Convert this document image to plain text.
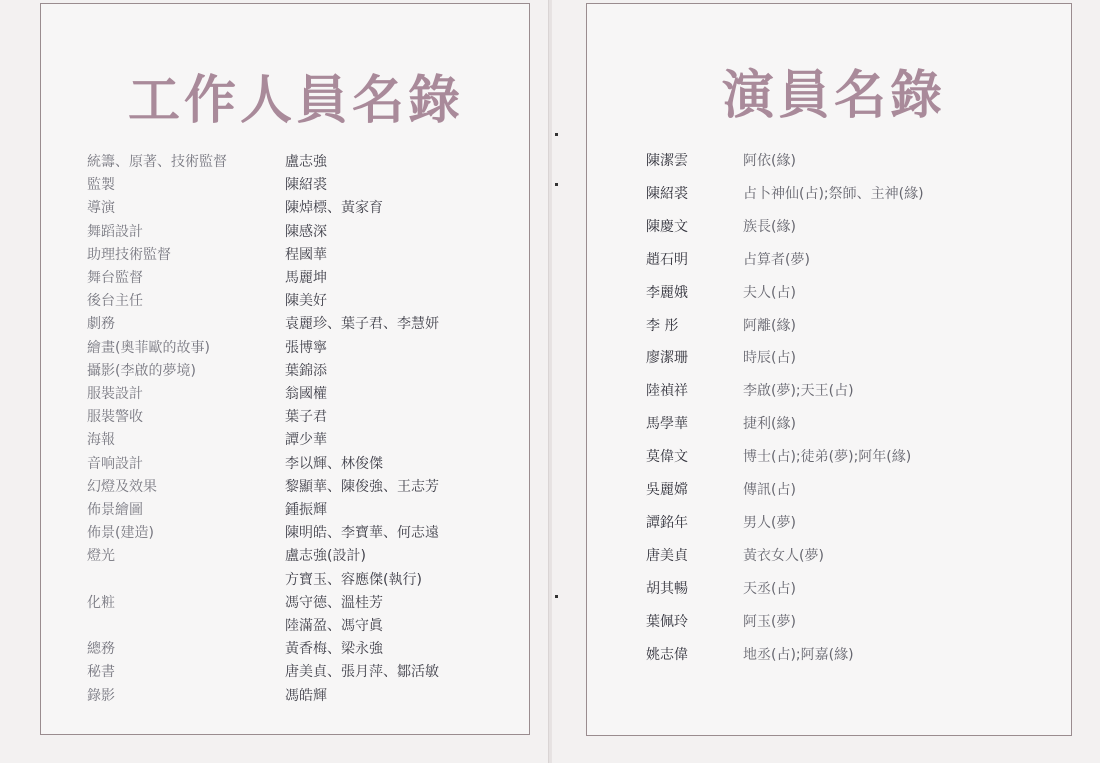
工作人員名錄	演員名錄
統籌、原著、技術監督	盧志強
監製	陳紹裘
導演	陳焯標、黃家育
舞蹈設計	陳感深
助理技術監督	程國華
舞台監督	馬麗坤
後台主任	陳美好
劇務	袁麗珍、葉子君、李慧妍
繪畫(奧菲歐的故事)	張博寧
攝影(李啟的夢境)	葉錦添
服裝設計	翁國權
服裝警收	葉子君
海報	譚少華
音响設計	李以輝、林俊傑
幻燈及效果	黎顯華、陳俊強、王志芳
佈景繪圖	鍾振輝
佈景(建造)	陳明皓、李寶華、何志遠
燈光	盧志強(設計)
方寶玉、容應傑(執行)
化粧	馮守德、溫桂芳
陸滿盈、馮守眞
總務	黃香梅、梁永強
秘書	唐美貞、張月萍、鄒活敏
錄影	馮皓輝
陳潔雲	阿依(緣)
陳紹裘	占卜神仙(占);祭師、主神(緣)
陳慶文	族長(緣)
趙石明	占算者(夢)
李麗娥	夫人(占)
李 彤	阿離(緣)
廖潔珊	時辰(占)
陸禎祥	李啟(夢);天王(占)
馬學華	捷利(緣)
莫偉文	博士(占);徒弟(夢);阿年(緣)
吳麗嫦	傳訊(占)
譚銘年	男人(夢)
唐美貞	黃衣女人(夢)
胡其暢	天丞(占)
葉佩玲	阿玉(夢)
姚志偉	地丞(占);阿嘉(緣)
